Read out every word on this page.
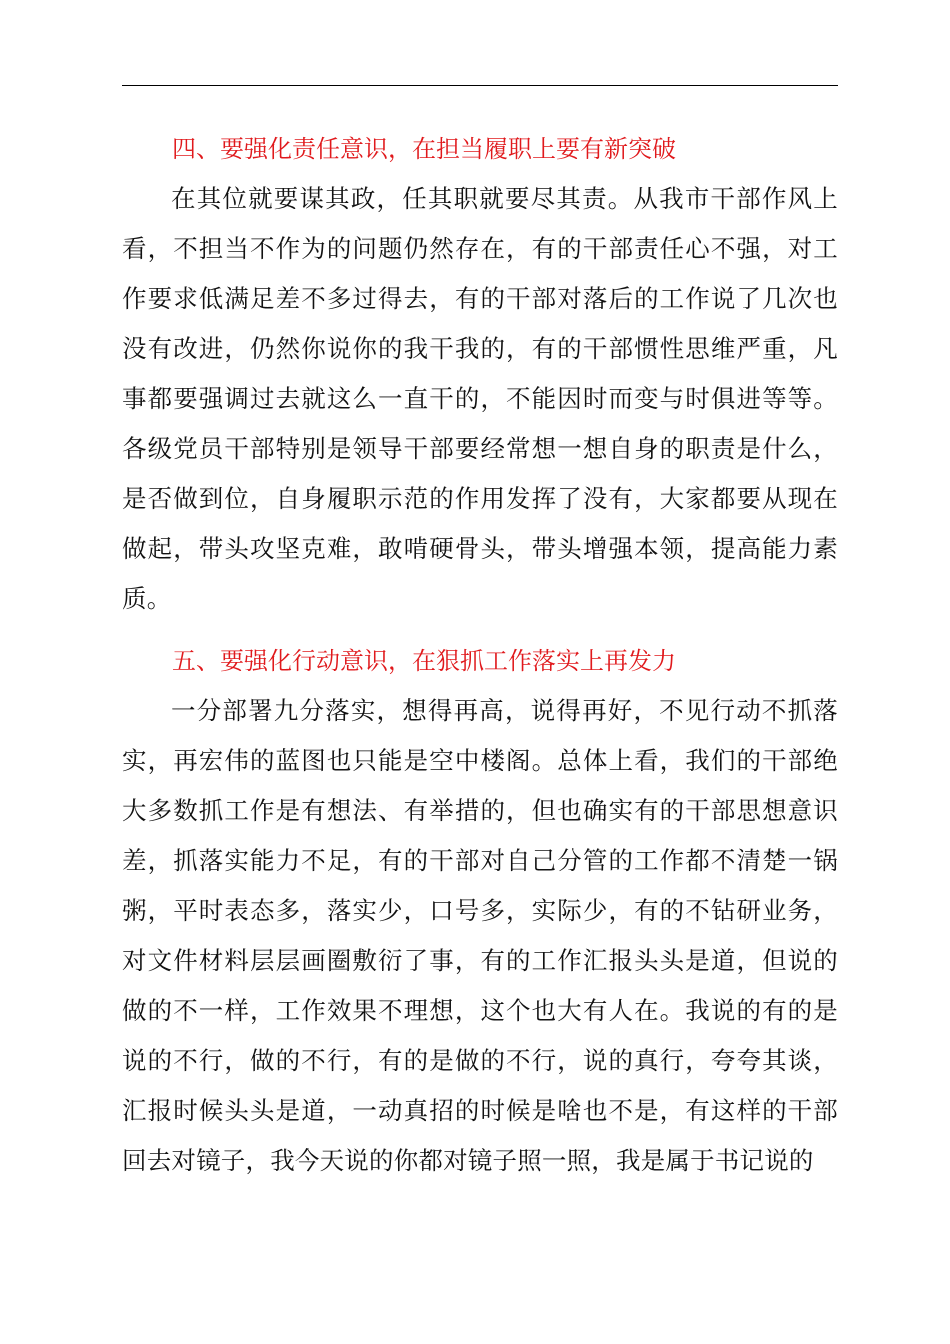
四、要强化责任意识，在担当履职上要有新突破

在其位就要谋其政，任其职就要尽其责。从我市干部作风上看，不担当不作为的问题仍然存在，有的干部责任心不强，对工作要求低满足差不多过得去，有的干部对落后的工作说了几次也没有改进，仍然你说你的我干我的，有的干部惯性思维严重，凡事都要强调过去就这么一直干的，不能因时而变与时俱进等等。各级党员干部特别是领导干部要经常想一想自身的职责是什么，是否做到位，自身履职示范的作用发挥了没有，大家都要从现在做起，带头攻坚克难，敢啃硬骨头，带头增强本领，提高能力素质。

五、要强化行动意识，在狠抓工作落实上再发力

一分部署九分落实，想得再高，说得再好，不见行动不抓落实，再宏伟的蓝图也只能是空中楼阁。总体上看，我们的干部绝大多数抓工作是有想法、有举措的，但也确实有的干部思想意识差，抓落实能力不足，有的干部对自己分管的工作都不清楚一锅粥，平时表态多，落实少，口号多，实际少，有的不钻研业务，对文件材料层层画圈敷衍了事，有的工作汇报头头是道，但说的做的不一样，工作效果不理想，这个也大有人在。我说的有的是说的不行，做的不行，有的是做的不行，说的真行，夸夸其谈，汇报时候头头是道，一动真招的时候是啥也不是，有这样的干部回去对镜子，我今天说的你都对镜子照一照，我是属于书记说的
